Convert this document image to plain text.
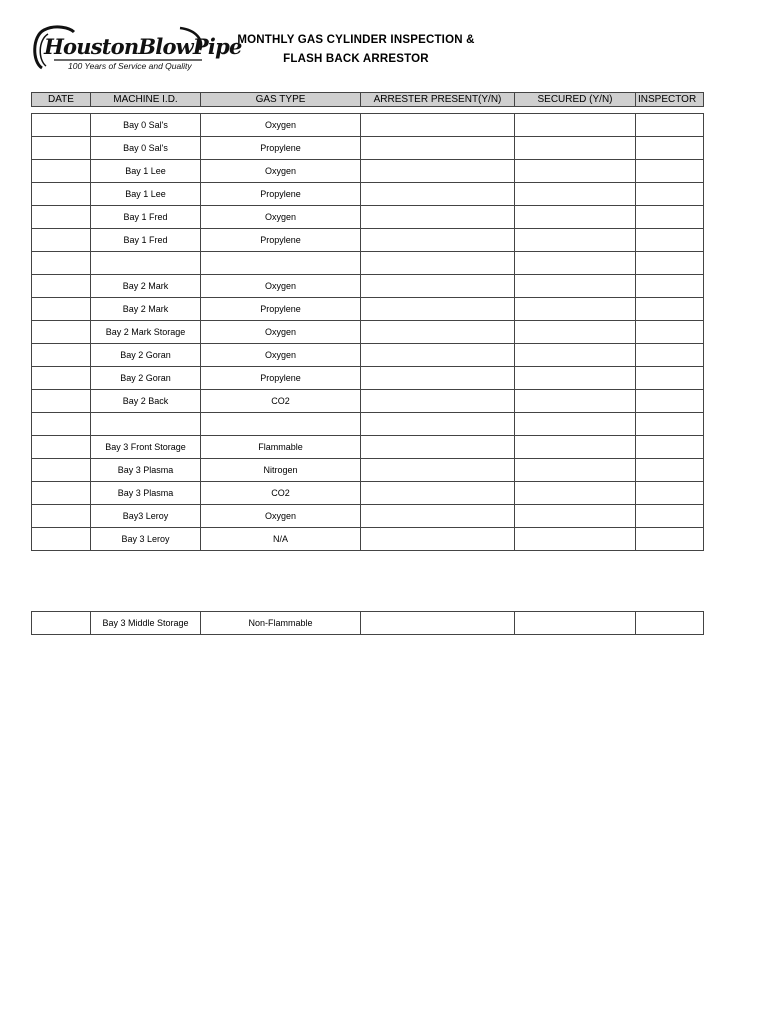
HoustonBlowPipe
100 Years of Service and Quality
MONTHLY GAS CYLINDER INSPECTION &
FLASH BACK ARRESTOR
DATE	MACHINE I.D.	GAS TYPE	ARRESTER PRESENT(Y/N)	SECURED (Y/N)	INSPECTOR
	Bay 0 Sal's	Oxygen			
	Bay 0 Sal's	Propylene			
	Bay 1 Lee	Oxygen			
	Bay 1 Lee	Propylene			
	Bay 1 Fred	Oxygen			
	Bay 1 Fred	Propylene			

	Bay 2 Mark	Oxygen			
	Bay 2 Mark	Propylene			
	Bay 2 Mark Storage	Oxygen			
	Bay 2 Goran	Oxygen			
	Bay 2 Goran	Propylene			
	Bay 2 Back	CO2			

	Bay 3 Front Storage	Flammable			
	Bay 3 Plasma	Nitrogen			
	Bay 3 Plasma	CO2			
	Bay3 Leroy	Oxygen			
	Bay 3 Leroy	N/A			
	Bay 3 Middle Storage	Non-Flammable			
